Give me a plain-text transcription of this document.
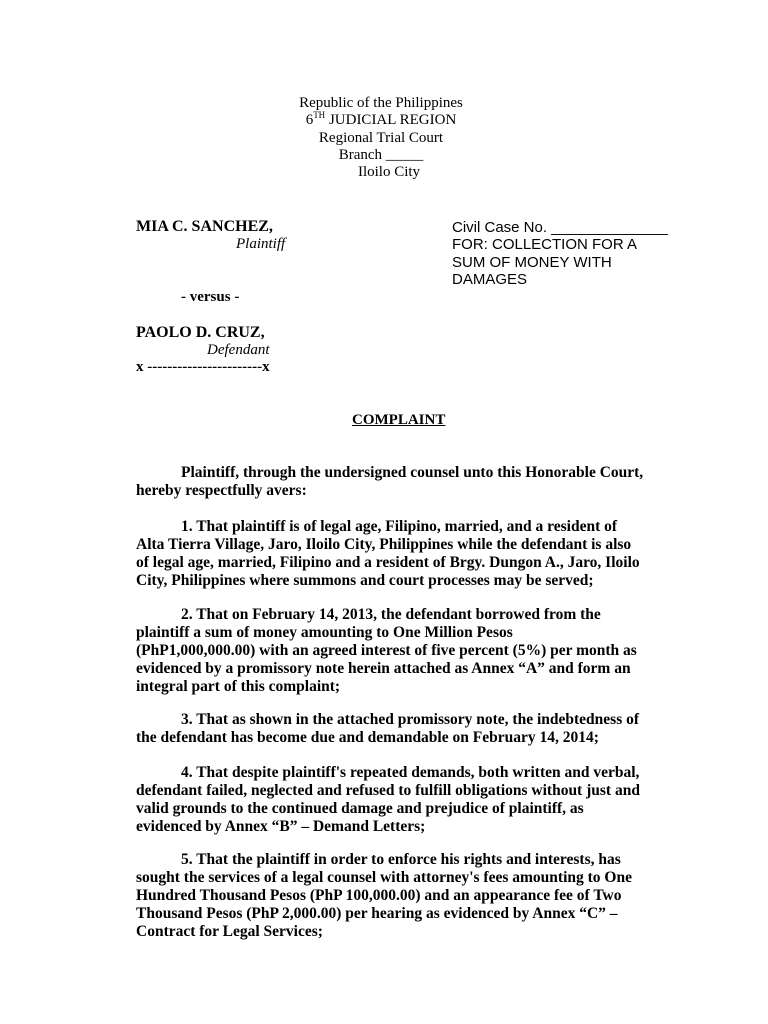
Republic of the Philippines
6TH JUDICIAL REGION
Regional Trial Court
Branch _____
Iloilo City
MIA C. SANCHEZ,
Plaintiff
- versus -
PAOLO D. CRUZ,
Defendant
x -----------------------x
Civil Case No. ______________
FOR: COLLECTION FOR A
SUM OF MONEY WITH
DAMAGES
COMPLAINT
Plaintiff, through the undersigned counsel unto this Honorable Court,
hereby respectfully avers:
1. That plaintiff is of legal age, Filipino, married, and a resident of
Alta Tierra Village, Jaro, Iloilo City, Philippines while the defendant is also
of legal age, married, Filipino and a resident of Brgy. Dungon A., Jaro, Iloilo
City, Philippines where summons and court processes may be served;
2. That on February 14, 2013, the defendant borrowed from the
plaintiff a sum of money amounting to One Million Pesos
(PhP1,000,000.00) with an agreed interest of five percent (5%) per month as
evidenced by a promissory note herein attached as Annex “A” and form an
integral part of this complaint;
3. That as shown in the attached promissory note, the indebtedness of
the defendant has become due and demandable on February 14, 2014;
4. That despite plaintiff's repeated demands, both written and verbal,
defendant failed, neglected and refused to fulfill obligations without just and
valid grounds to the continued damage and prejudice of plaintiff, as
evidenced by Annex “B” – Demand Letters;
5. That the plaintiff in order to enforce his rights and interests, has
sought the services of a legal counsel with attorney's fees amounting to One
Hundred Thousand Pesos (PhP 100,000.00) and an appearance fee of Two
Thousand Pesos (PhP 2,000.00) per hearing as evidenced by Annex “C” –
Contract for Legal Services;
